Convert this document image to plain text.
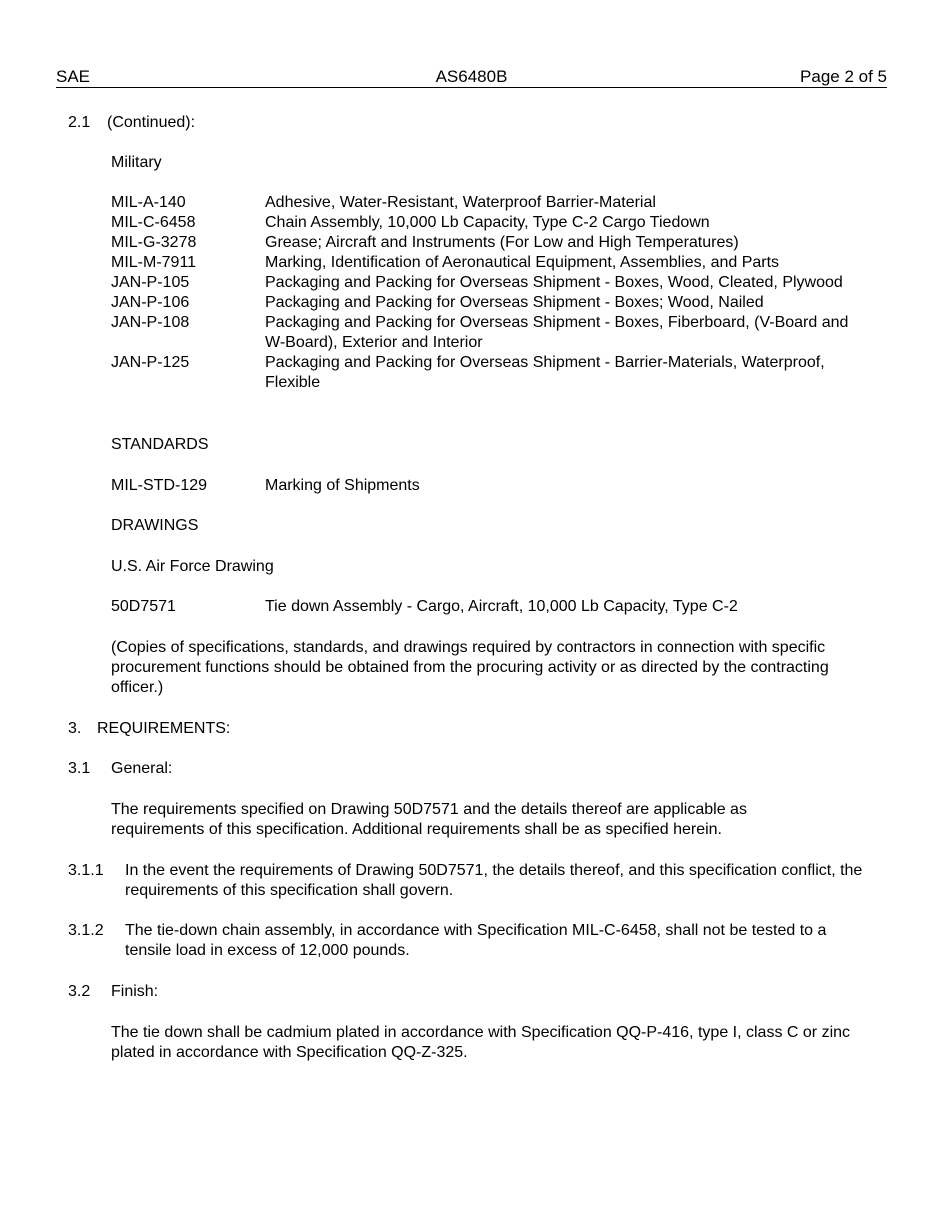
SAE	AS6480B	Page 2 of 5
2.1 (Continued):
Military
MIL-A-140	Adhesive, Water-Resistant, Waterproof Barrier-Material
MIL-C-6458	Chain Assembly, 10,000 Lb Capacity, Type C-2 Cargo Tiedown
MIL-G-3278	Grease; Aircraft and Instruments (For Low and High Temperatures)
MIL-M-7911	Marking, Identification of Aeronautical Equipment, Assemblies, and Parts
JAN-P-105	Packaging and Packing for Overseas Shipment - Boxes, Wood, Cleated, Plywood
JAN-P-106	Packaging and Packing for Overseas Shipment - Boxes; Wood, Nailed
JAN-P-108	Packaging and Packing for Overseas Shipment - Boxes, Fiberboard, (V-Board and W-Board), Exterior and Interior
JAN-P-125	Packaging and Packing for Overseas Shipment - Barrier-Materials, Waterproof, Flexible
STANDARDS
MIL-STD-129	Marking of Shipments
DRAWINGS
U.S. Air Force Drawing
50D7571	Tie down Assembly - Cargo, Aircraft, 10,000 Lb Capacity, Type C-2
(Copies of specifications, standards, and drawings required by contractors in connection with specific procurement functions should be obtained from the procuring activity or as directed by the contracting officer.)
3. REQUIREMENTS:
3.1 General:
The requirements specified on Drawing 50D7571 and the details thereof are applicable as requirements of this specification. Additional requirements shall be as specified herein.
3.1.1 In the event the requirements of Drawing 50D7571, the details thereof, and this specification conflict, the requirements of this specification shall govern.
3.1.2 The tie-down chain assembly, in accordance with Specification MIL-C-6458, shall not be tested to a tensile load in excess of 12,000 pounds.
3.2 Finish:
The tie down shall be cadmium plated in accordance with Specification QQ-P-416, type I, class C or zinc plated in accordance with Specification QQ-Z-325.
